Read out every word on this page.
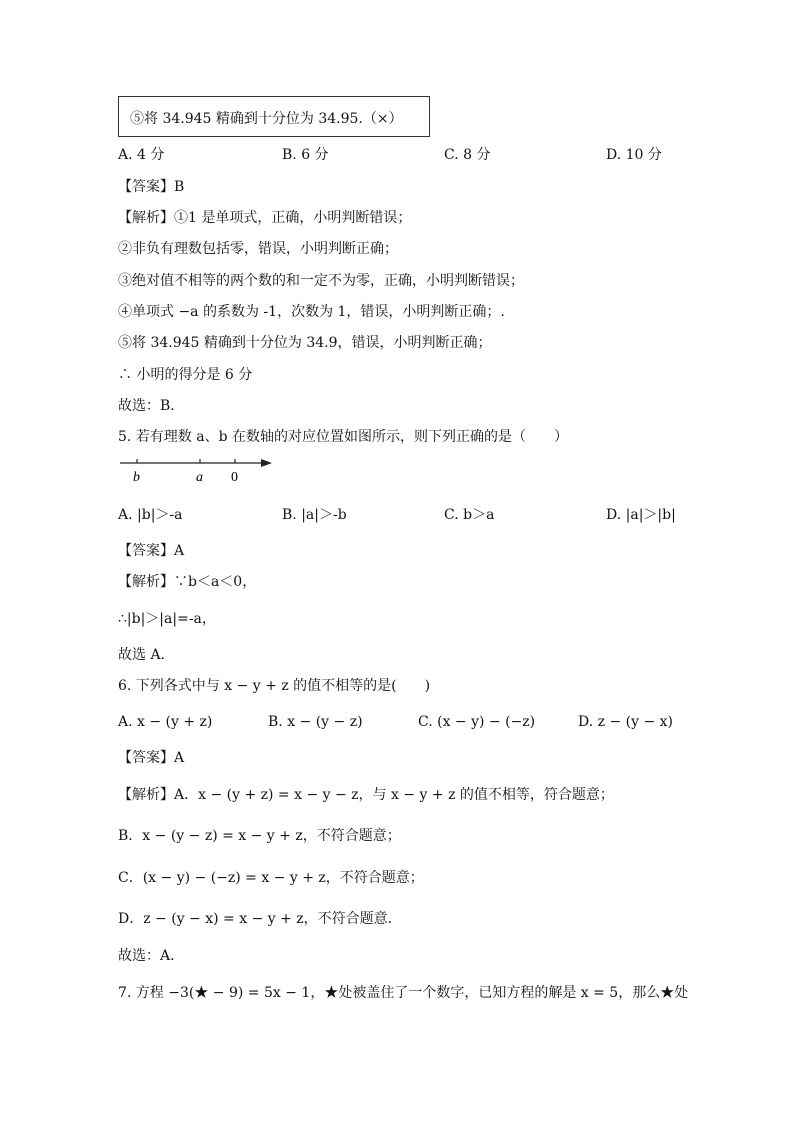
⑤将 34.945 精确到十分位为 34.95.（×）
A. 4 分	B. 6 分	C. 8 分	D. 10 分
【答案】B
【解析】①1 是单项式，正确，小明判断错误；
②非负有理数包括零，错误，小明判断正确；
③绝对值不相等的两个数的和一定不为零，正确，小明判断错误；
④单项式 −a 的系数为 -1，次数为 1，错误，小明判断正确；.
⑤将 34.945 精确到十分位为 34.9，错误，小明判断正确；
∴ 小明的得分是 6 分
故选：B．
5. 若有理数 a、b 在数轴的对应位置如图所示，则下列正确的是（　　）
b	a 0
A. |b|＞-a	B. |a|＞-b	C. b＞a	D. |a|＞|b|
【答案】A
【解析】∵b＜a＜0，
∴|b|＞|a|=-a，
故选 A．
6. 下列各式中与 x − y + z 的值不相等的是(　　)
A. x − (y + z)	B. x − (y − z)	C. (x − y) − (−z)	D. z − (y − x)
【答案】A
【解析】A．x − (y + z) = x − y − z，与 x − y + z 的值不相等，符合题意；
B．x − (y − z) = x − y + z，不符合题意；
C．(x − y) − (−z) = x − y + z，不符合题意；
D．z − (y − x) = x − y + z，不符合题意．
故选：A．
7. 方程 −3(★ − 9) = 5x − 1，★处被盖住了一个数字，已知方程的解是 x = 5，那么★处
